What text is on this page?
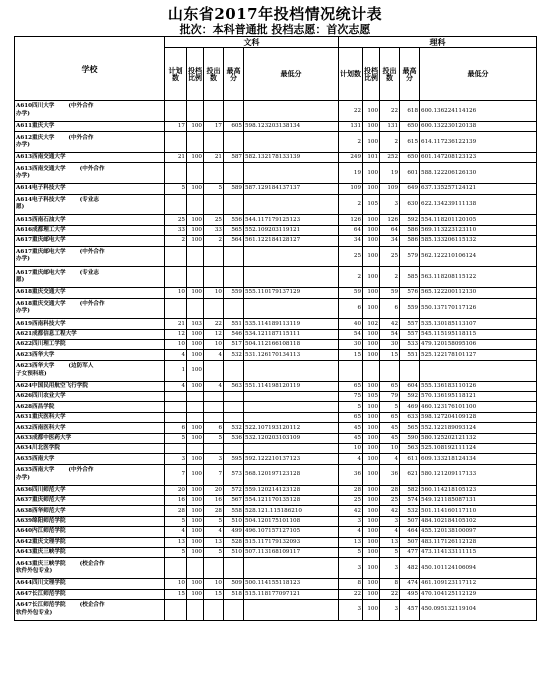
山东省2017年投档情况统计表
批次：本科普通批 投档志愿：首次志愿
学校	文科					理科				
	计划数	投档比例	投出数	最高分	最低分	计划数	投档比例	投出数	最高分	最低分
A610四川大学 (中外合作
办学)						22	100	22	618	600.136224114126
A611重庆大学	17	100	17	605	598.123203138134	131	100	131	650	600.132230120138
A612重庆大学 (中外合作
办学)						2	100	2	615	614.117236122139
A613西南交通大学	21	100	21	587	582.132178133139	249	101	252	650	601.147208123123
A613西南交通大学 (中外合作
办学)						19	100	19	601	588.122206126130
A614电子科技大学	5	100	5	589	587.129184137137	109	100	109	649	637.135257124121
A614电子科技大学 (专业志
愿)						2	105	3	630	622.134239111138
A615西南石油大学	25	100	25	556	544.117179125123	126	100	126	592	554.118201120105
A616成都理工大学	33	100	33	565	552.109203119121	64	100	64	586	569.113223123110
A617重庆邮电大学	2	100	2	564	561.122184128127	34	100	34	586	585.133206115132
A617重庆邮电大学 (中外合作
办学)						25	100	25	579	562.122210106124
A617重庆邮电大学 (专业志
愿)						2	100	2	585	563.118208115122
A618重庆交通大学	10	100	10	559	555.110179137129	59	100	59	576	565.122200112130
A618重庆交通大学 (中外合作
办学)						6	100	6	559	550.137170117126
A619西南科技大学	21	103	22	551	535.114189113119	40	102	42	557	535.130185113107
A621成都信息工程大学	12	100	12	546	534.121187115111	54	100	54	557	545.115195118115
A622四川理工学院	10	100	10	517	504.112166108118	30	100	30	533	479.120158095106
A623西华大学	4	100	4	532	531.126170134113	15	100	15	551	525.122178101127
A623西华大学 (边防军人
子女预科班)	1	100								
A624中国民用航空飞行学院	4	100	4	563	551.114198120119	65	100	65	604	555.136183110126
A626四川农业大学						75	105	79	592	570.136195118121
A628西昌学院						5	100	5	469	460.123176101100
A631重庆医科大学						65	100	65	633	598.127204109128
A632西南医科大学	6	100	6	532	522.107193120112	45	100	45	565	552.122189093124
A633成都中医药大学	5	100	5	536	532.120203103109	45	100	45	590	580.125202121132
A634川北医学院						10	100	10	563	525.108192111124
A635西南大学	3	100	3	595	592.122210137123	4	100	4	611	609.133218124134
A635西南大学 (中外合作
办学)	7	100	7	573	568.120197123128	36	100	36	621	580.121209117133
A636四川师范大学	20	100	20	572	559.120214123128	28	100	28	582	560.114218105123
A637重庆师范大学	16	100	16	567	554.121170135128	25	100	25	574	549.121185087131
A638西华师范大学	28	100	28	558	528.121.115186210	42	100	42	532	501.114160117110
A639绵阳师范学院	5	100	5	510	504.120175101108	3	100	3	507	484.102184105102
A640内江师范学院	4	100	4	499	496.107157127105	4	100	4	464	455.120138100097
A642重庆文理学院	13	100	13	528	515.117179132093	13	100	13	507	483.117126112128
A643重庆三峡学院	5	100	5	510	507.113168109117	5	100	5	477	473.114133111115
A643重庆三峡学院 (校企合作
软件外包专业)						3	100	3	482	450.101124106094
A644四川文理学院	10	100	10	509	500.114155118123	8	100	8	474	461.109123117112
A647长江师范学院	15	100	15	518	515.118177097121	22	100	22	495	470.104125112129
A647长江师范学院 (校企合作
软件外包专业)						3	100	3	457	450.095132119104
